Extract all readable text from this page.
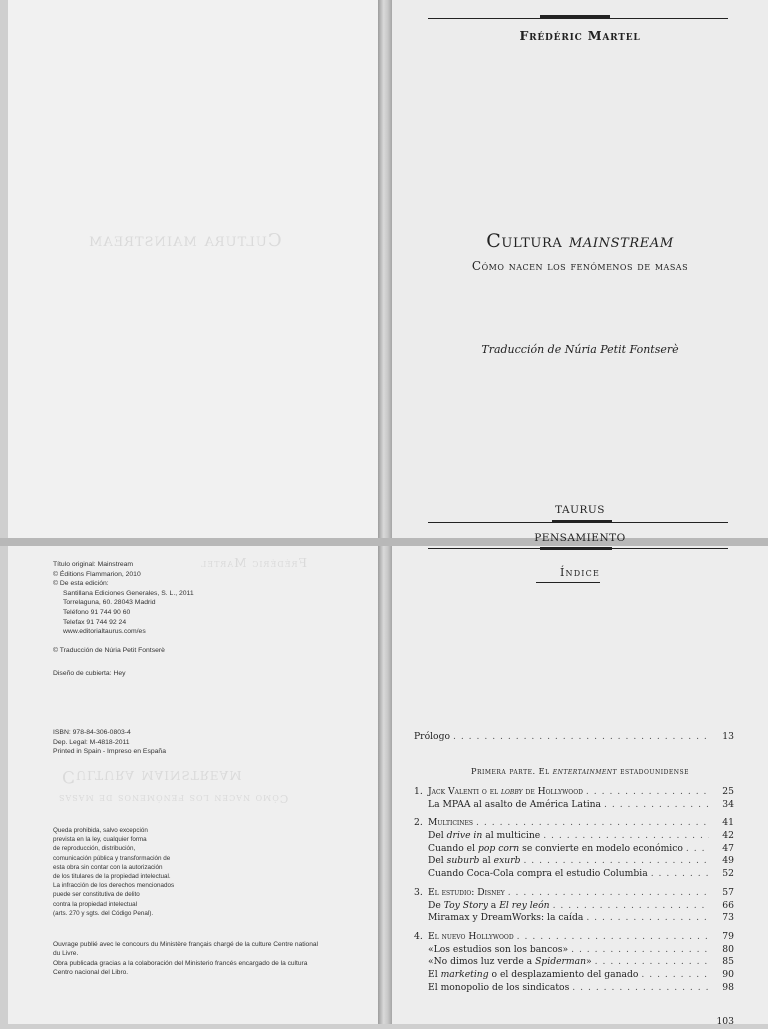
Cultura mainstream
Frédéric Martel
Cultura mainstream
Cómo nacen los fenómenos de masas
Frédéric Martel
Cultura mainstream
Cómo nacen los fenómenos de masas
Traducción de Núria Petit Fontserè
TAURUS
PENSAMIENTO
Título original: Mainstream
© Éditions Flammarion, 2010
© De esta edición:
Santillana Ediciones Generales, S. L., 2011
Torrelaguna, 60. 28043 Madrid
Teléfono 91 744 90 60
Telefax 91 744 92 24
www.editorialtaurus.com/es
© Traducción de Núria Petit Fontserè
Diseño de cubierta: Hey
ISBN: 978-84-306-0803-4
Dep. Legal: M-4818-2011
Printed in Spain - Impreso en España
Queda prohibida, salvo excepción
prevista en la ley, cualquier forma
de reproducción, distribución,
comunicación pública y transformación de
esta obra sin contar con la autorización
de los titulares de la propiedad intelectual.
La infracción de los derechos mencionados
puede ser constitutiva de delito
contra la propiedad intelectual
(arts. 270 y sgts. del Código Penal).
Ouvrage publié avec le concours du Ministère français chargé de la culture Centre national
du Livre.
Obra publicada gracias a la colaboración del Ministerio francés encargado de la cultura
Centro nacional del Libro.
Índice
Prólogo . . .	13
Primera parte. El entertainment estadounidense
1. Jack Valenti o el lobby de Hollywood . . .	25
La MPAA al asalto de América Latina . . .	34
2. Multicines . . .	41
Del drive in al multicine . . .	42
Cuando el pop corn se convierte en modelo económico . . .	47
Del suburb al exurb . . .	49
Cuando Coca-Cola compra el estudio Columbia . . .	52
3. El estudio: Disney . . .	57
De Toy Story a El rey león . . .	66
Miramax y DreamWorks: la caída . . .	73
4. El nuevo Hollywood . . .	79
«Los estudios son los bancos» . . .	80
«No dimos luz verde a Spiderman» . . .	85
El marketing o el desplazamiento del ganado . . .	90
El monopolio de los sindicatos . . .	98
103
